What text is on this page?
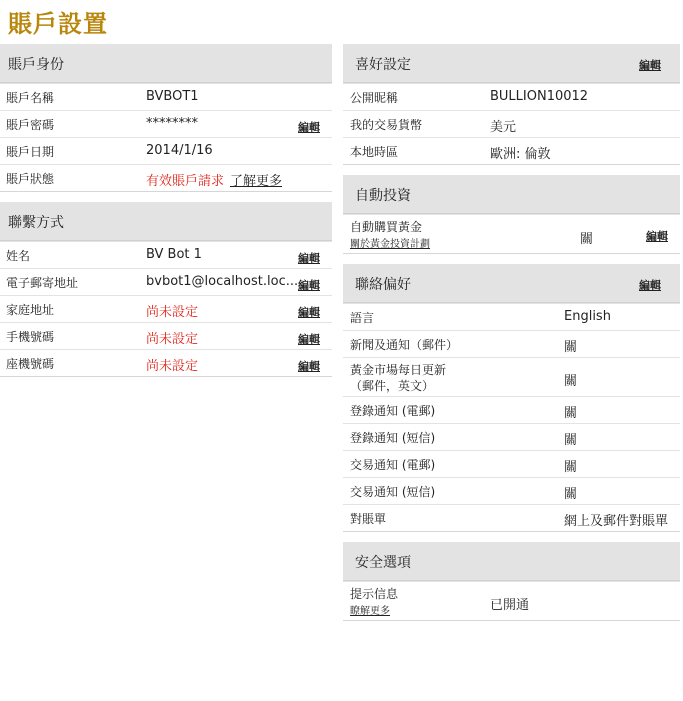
賬戶設置
賬戶身份
賬戶名稱	BVBOT1
賬戶密碼	********	編輯
賬戶日期	2014/1/16
賬戶狀態	有效賬戶請求 了解更多
聯繫方式
姓名	BV Bot 1	編輯
電子郵寄地址	bvbot1@localhost.loc... 編輯
家庭地址	尚未設定	編輯
手機號碼	尚未設定	編輯
座機號碼	尚未設定	編輯
喜好設定	編輯
公開昵稱	BULLION10012
我的交易貨幣	美元
本地時區	歐洲: 倫敦
自動投資
自動購買黃金
關於黃金投資計劃	關	編輯
聯絡偏好	編輯
語言	English
新聞及通知（郵件）	關
黃金市場每日更新
（郵件，英文）	關
登錄通知 (電郵)	關
登錄通知 (短信)	關
交易通知 (電郵)	關
交易通知 (短信)	關
對賬單	網上及郵件對賬單
安全選項
提示信息
瞭解更多	已開通
